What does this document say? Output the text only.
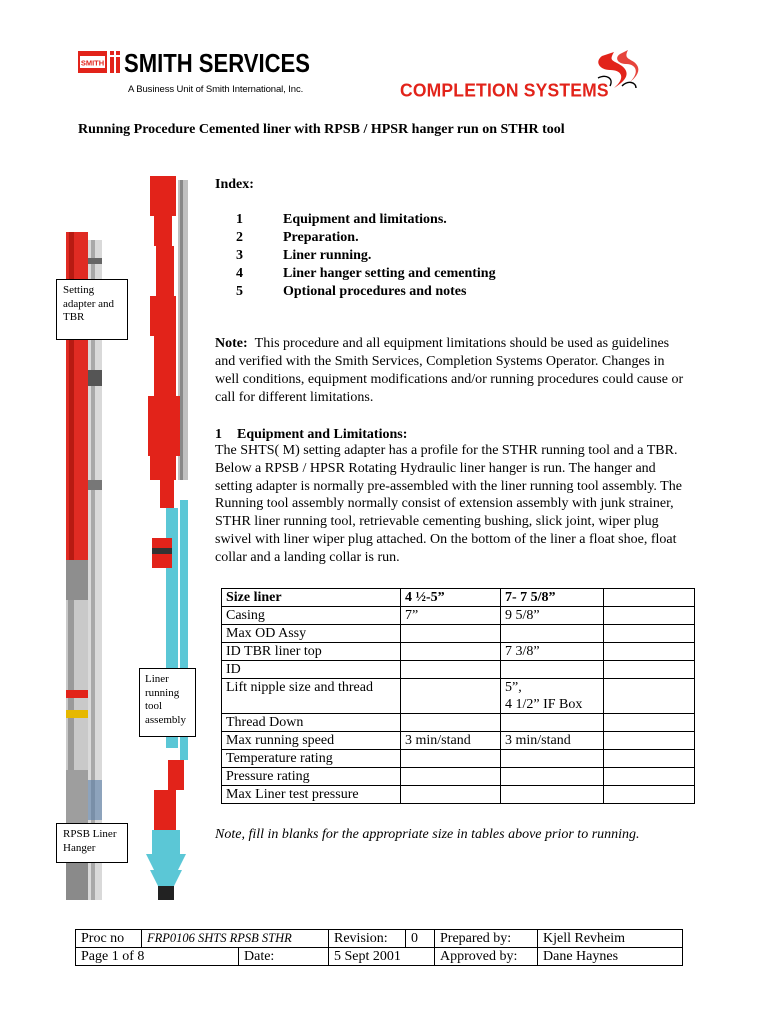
SMITH SMITH SERVICES
A Business Unit of Smith International, Inc.	COMPLETION SYSTEMS
Running Procedure Cemented liner with RPSB / HPSR hanger run on STHR tool
Setting adapter and TBR
Liner running tool assembly
RPSB Liner Hanger
Index:
1	Equipment and limitations.
2	Preparation.
3	Liner running.
4	Liner hanger setting and cementing
5	Optional procedures and notes
Note: This procedure and all equipment limitations should be used as guidelines and verified with the Smith Services, Completion Systems Operator. Changes in well conditions, equipment modifications and/or running procedures could cause or call for different limitations.
1 Equipment and Limitations:
The SHTS( M) setting adapter has a profile for the STHR running tool and a TBR. Below a RPSB / HPSR Rotating Hydraulic liner hanger is run. The hanger and setting adapter is normally pre-assembled with the liner running tool assembly. The Running tool assembly normally consist of extension assembly with junk strainer, STHR liner running tool, retrievable cementing bushing, slick joint, wiper plug swivel with liner wiper plug attached. On the bottom of the liner a float shoe, float collar and a landing collar is run.
Size liner	4 ½-5”	7- 7 5/8”	
Casing	7”	9 5/8”	
Max OD Assy			
ID TBR liner top		7 3/8”	
ID			
Lift nipple size and thread		5”,
4 1/2” IF Box	
Thread Down			
Max running speed	3 min/stand	3 min/stand	
Temperature rating			
Pressure rating			
Max Liner test pressure			
Note, fill in blanks for the appropriate size in tables above prior to running.
Proc no	FRP0106 SHTS RPSB STHR		Revision:	0	Prepared by:	Kjell Revheim
Page 1 of 8		Date:	5 Sept 2001		Approved by:	Dane Haynes
